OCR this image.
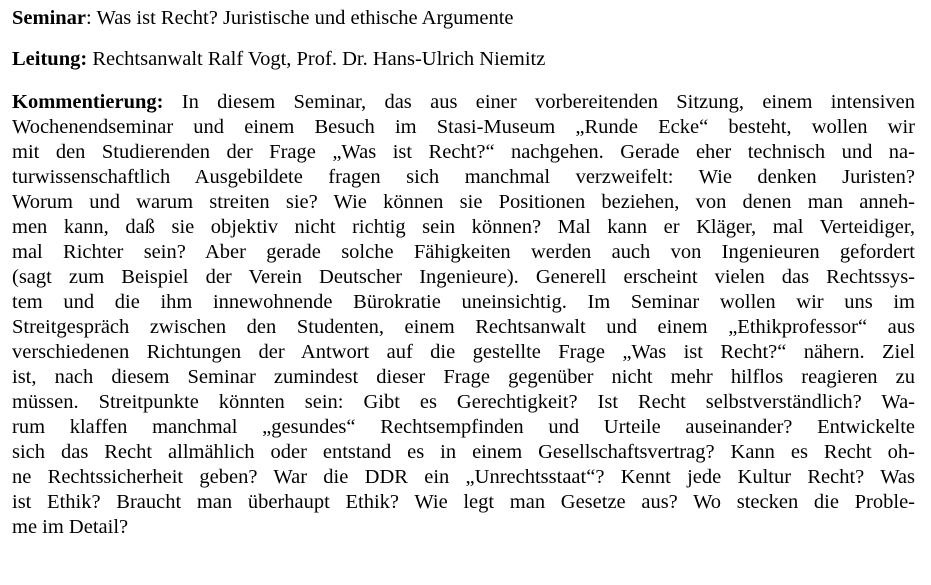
Seminar: Was ist Recht? Juristische und ethische Argumente
Leitung: Rechtsanwalt Ralf Vogt, Prof. Dr. Hans-Ulrich Niemitz
Kommentierung: In diesem Seminar, das aus einer vorbereitenden Sitzung, einem intensiven
Wochenendseminar und einem Besuch im Stasi-Museum „Runde Ecke“ besteht, wollen wir
mit den Studierenden der Frage „Was ist Recht?“ nachgehen. Gerade eher technisch und na-
turwissenschaftlich Ausgebildete fragen sich manchmal verzweifelt: Wie denken Juristen?
Worum und warum streiten sie? Wie können sie Positionen beziehen, von denen man anneh-
men kann, daß sie objektiv nicht richtig sein können? Mal kann er Kläger, mal Verteidiger,
mal Richter sein? Aber gerade solche Fähigkeiten werden auch von Ingenieuren gefordert
(sagt zum Beispiel der Verein Deutscher Ingenieure). Generell erscheint vielen das Rechtssys-
tem und die ihm innewohnende Bürokratie uneinsichtig. Im Seminar wollen wir uns im
Streitgespräch zwischen den Studenten, einem Rechtsanwalt und einem „Ethikprofessor“ aus
verschiedenen Richtungen der Antwort auf die gestellte Frage „Was ist Recht?“ nähern. Ziel
ist, nach diesem Seminar zumindest dieser Frage gegenüber nicht mehr hilflos reagieren zu
müssen. Streitpunkte könnten sein: Gibt es Gerechtigkeit? Ist Recht selbstverständlich? Wa-
rum klaffen manchmal „gesundes“ Rechtsempfinden und Urteile auseinander? Entwickelte
sich das Recht allmählich oder entstand es in einem Gesellschaftsvertrag? Kann es Recht oh-
ne Rechtssicherheit geben? War die DDR ein „Unrechtsstaat“? Kennt jede Kultur Recht? Was
ist Ethik? Braucht man überhaupt Ethik? Wie legt man Gesetze aus? Wo stecken die Proble-
me im Detail?
